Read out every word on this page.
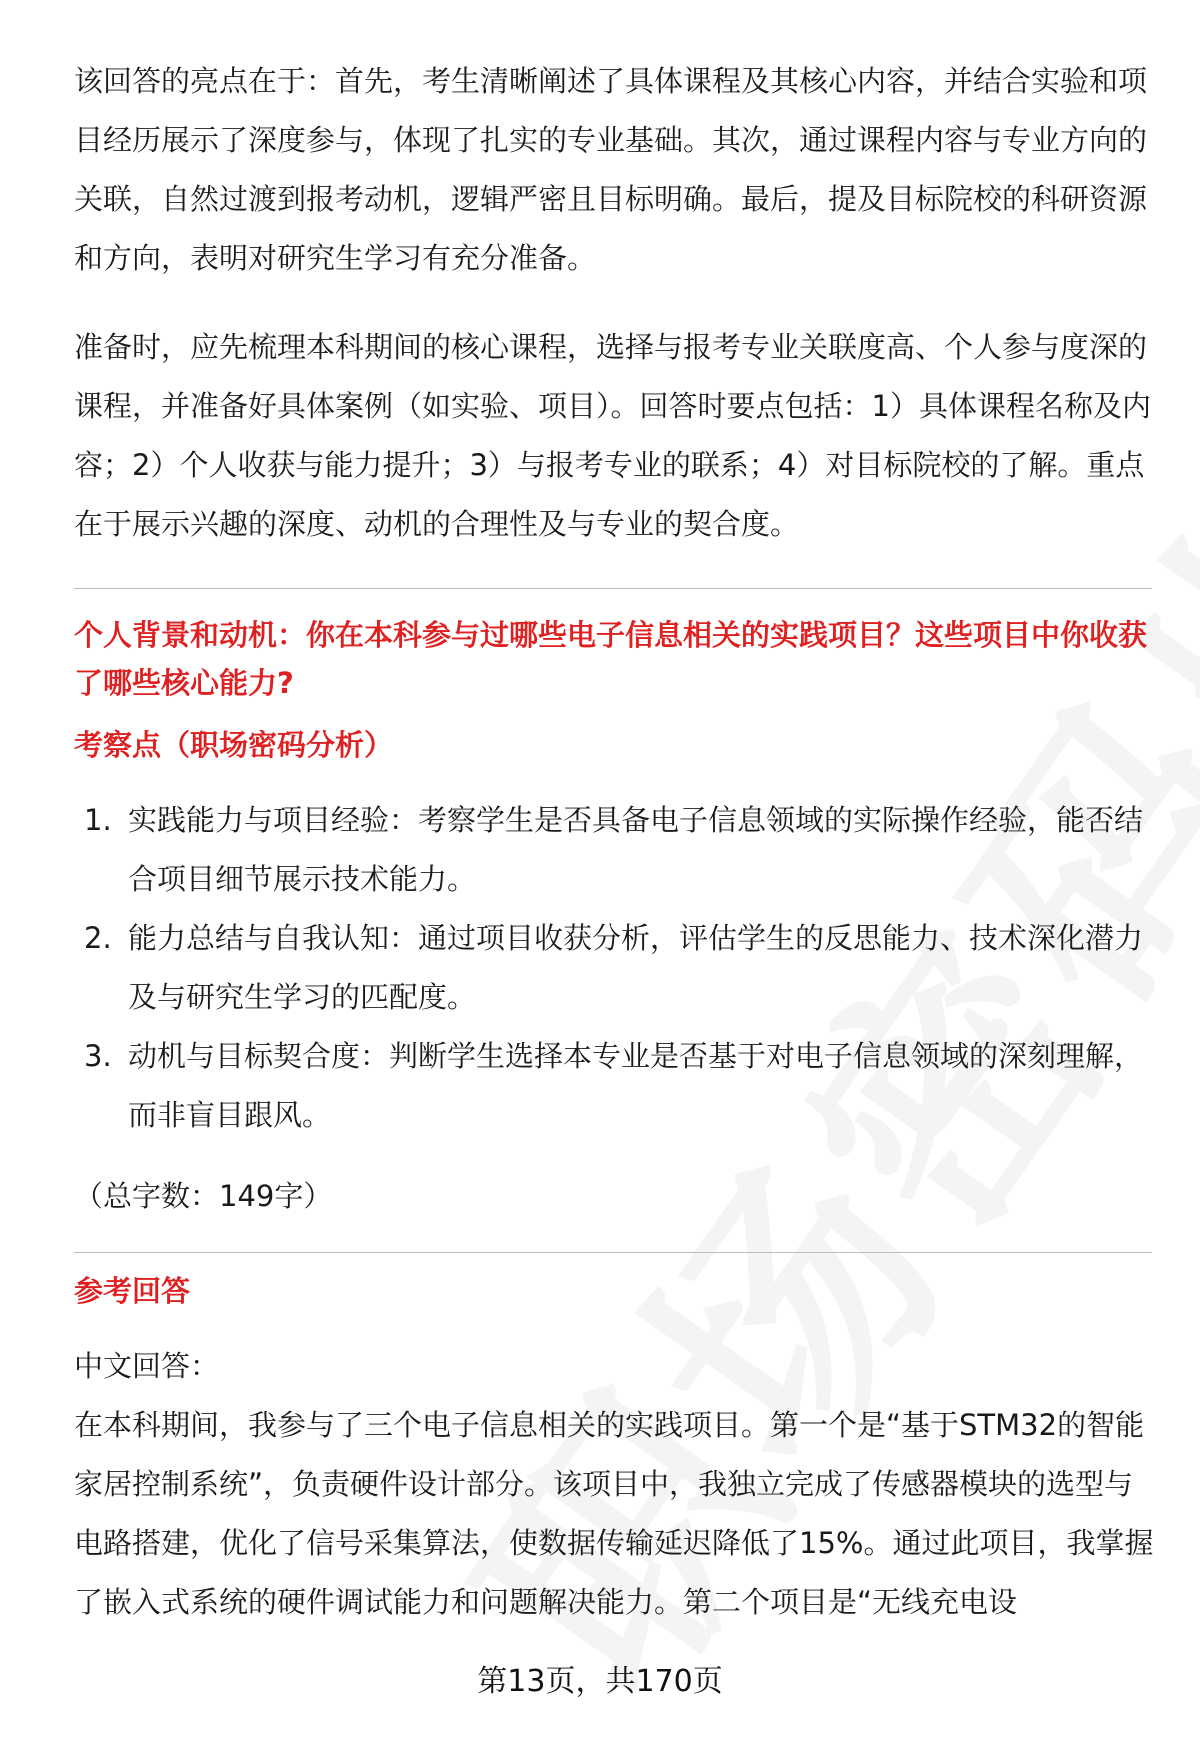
该回答的亮点在于：首先，考生清晰阐述了具体课程及其核心内容，并结合实验和项目经历展示了深度参与，体现了扎实的专业基础。其次，通过课程内容与专业方向的关联，自然过渡到报考动机，逻辑严密且目标明确。最后，提及目标院校的科研资源和方向，表明对研究生学习有充分准备。

准备时，应先梳理本科期间的核心课程，选择与报考专业关联度高、个人参与度深的课程，并准备好具体案例（如实验、项目）。回答时要点包括：1）具体课程名称及内容；2）个人收获与能力提升；3）与报考专业的联系；4）对目标院校的了解。重点在于展示兴趣的深度、动机的合理性及与专业的契合度。

个人背景和动机：你在本科参与过哪些电子信息相关的实践项目？这些项目中你收获了哪些核心能力?
考察点（职场密码分析）
1. 实践能力与项目经验：考察学生是否具备电子信息领域的实际操作经验，能否结合项目细节展示技术能力。
2. 能力总结与自我认知：通过项目收获分析，评估学生的反思能力、技术深化潜力及与研究生学习的匹配度。
3. 动机与目标契合度：判断学生选择本专业是否基于对电子信息领域的深刻理解，而非盲目跟风。
（总字数：149字）
参考回答

中文回答：

在本科期间，我参与了三个电子信息相关的实践项目。第一个是“基于STM32的智能家居控制系统”，负责硬件设计部分。该项目中，我独立完成了传感器模块的选型与电路搭建，优化了信号采集算法，使数据传输延迟降低了15%。通过此项目，我掌握了嵌入式系统的硬件调试能力和问题解决能力。第二个项目是“无线充电设

第13页，共170页
